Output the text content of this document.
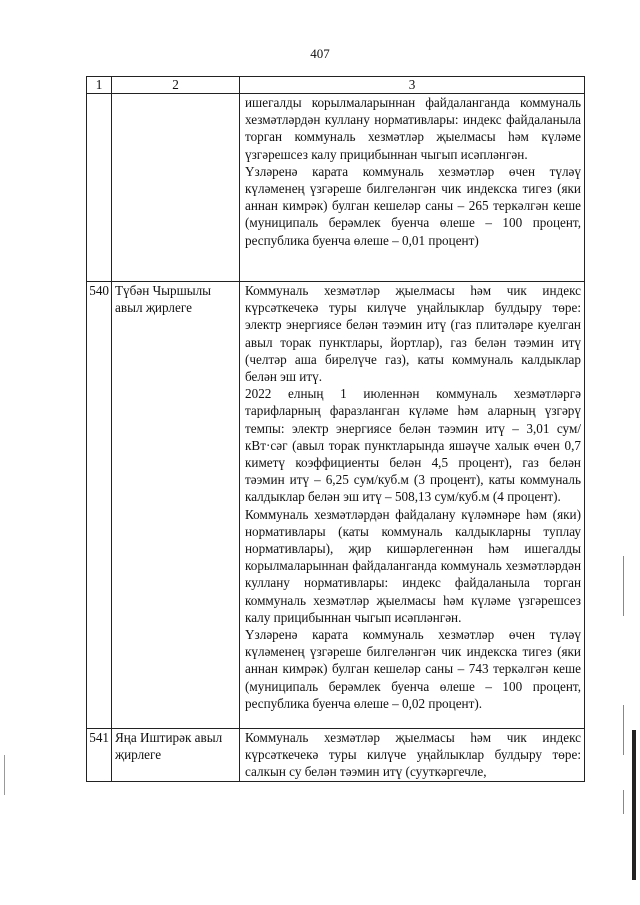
407
1	2	3

		ишегалды корылмаларыннан файдаланганда коммуналь хезмәтләрдән куллану нормативлары: индекс файдаланыла торган коммуналь хезмәтләр җыелмасы һәм күләме үзгәрешсез калу прицибыннан чыгып исәпләнгән.

Үзләренә карата коммуналь хезмәтләр өчен түләү күләменең үзгәреше билгеләнгән чик индекска тигез (яки аннан кимрәк) булган кешеләр саны – 265 теркәлгән кеше (муниципаль берәмлек буенча өлеше – 100 процент, республика буенча өлеше – 0,01 процент)

540	Түбән Чыршылы авыл җирлеге	Коммуналь хезмәтләр җыелмасы һәм чик индекс күрсәткечекә туры килүче уңайлыклар булдыру төре: электр энергиясе белән тәэмин итү (газ плитәләре куелган авыл торак пунктлары, йортлар), газ белән тәэмин итү (челтәр аша бирелүче газ), каты коммуналь калдыклар белән эш итү.

2022 елның 1 июленнән коммуналь хезмәтләргә тарифларның фаразланган күләме һәм аларның үзгәрү темпы: электр энергиясе белән тәэмин итү – 3,01 сум/кВт·сәг (авыл торак пунктларында яшәүче халык өчен 0,7 киметү коэффициенты белән 4,5 процент), газ белән тәэмин итү – 6,25 сум/куб.м (3 процент), каты коммуналь калдыклар белән эш итү – 508,13 сум/куб.м (4 процент).

Коммуналь хезмәтләрдән файдалану күләмнәре һәм (яки) нормативлары (каты коммуналь калдыкларны туплау нормативлары), җир кишәрлегеннән һәм ишегалды корылмаларыннан файдаланганда коммуналь хезмәтләрдән куллану нормативлары: индекс файдаланыла торган коммуналь хезмәтләр җыелмасы һәм күләме үзгәрешсез калу прицибыннан чыгып исәпләнгән.

Үзләренә карата коммуналь хезмәтләр өчен түләү күләменең үзгәреше билгеләнгән чик индекска тигез (яки аннан кимрәк) булган кешеләр саны – 743 теркәлгән кеше (муниципаль берәмлек буенча өлеше – 100 процент, республика буенча өлеше – 0,02 процент).

541	Яңа Иштирәк авыл җирлеге	Коммуналь хезмәтләр җыелмасы һәм чик индекс күрсәткечекә туры килүче уңайлыклар булдыру төре: салкын су белән тәэмин итү (сууткәргечле,
